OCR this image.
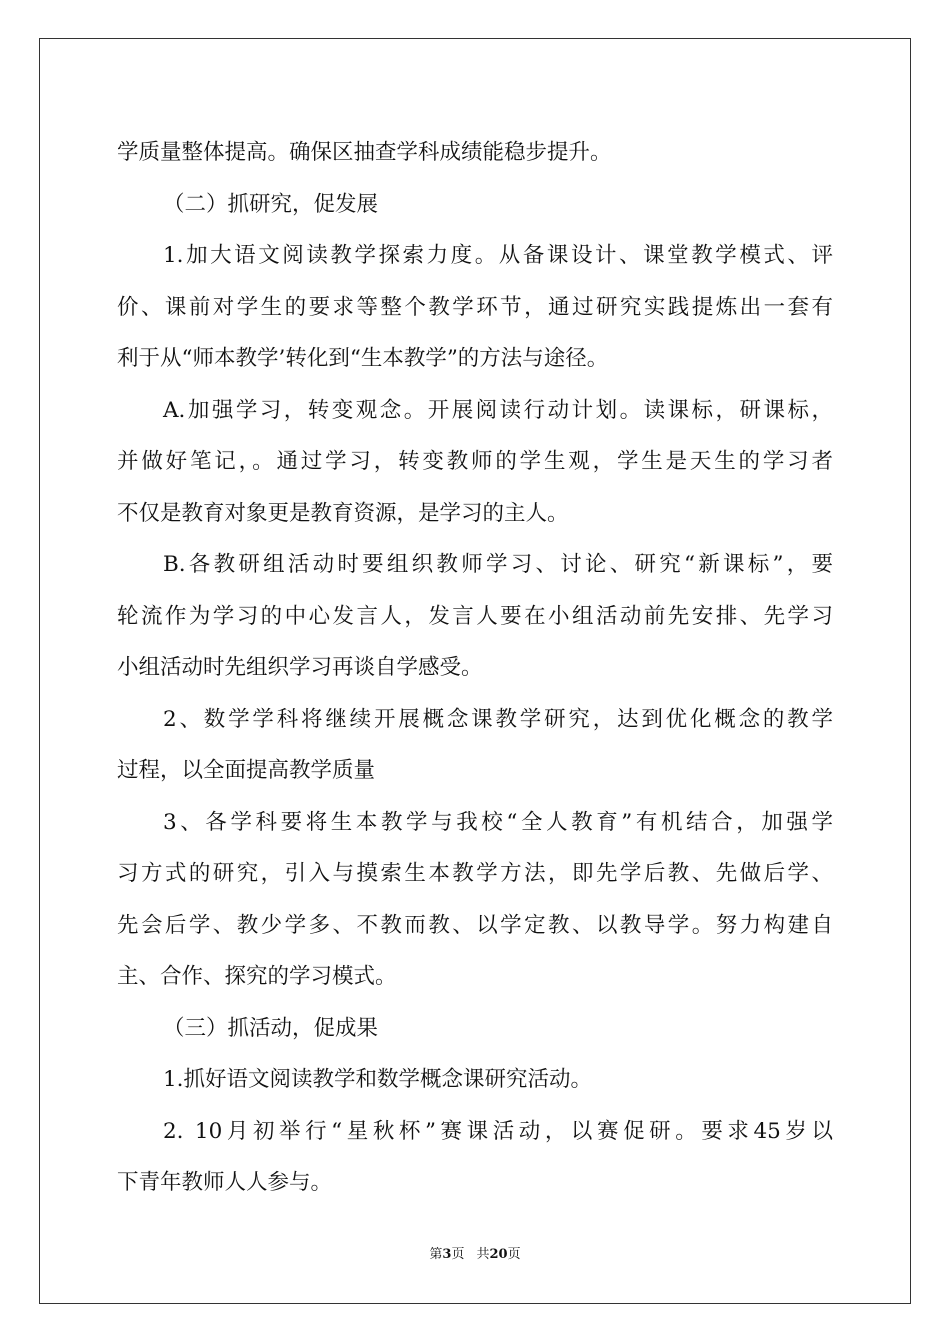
学质量整体提高。确保区抽查学科成绩能稳步提升。
（二）抓研究，促发展
1.加大语文阅读教学探索力度。从备课设计、课堂教学模式、评
价、课前对学生的要求等整个教学环节，通过研究实践提炼出一套有
利于从“师本教学’转化到“生本教学”的方法与途径。
A.加强学习，转变观念。开展阅读行动计划。读课标，研课标，
并做好笔记，。通过学习，转变教师的学生观，学生是天生的学习者
不仅是教育对象更是教育资源，是学习的主人。
B.各教研组活动时要组织教师学习、讨论、研究“新课标”，要
轮流作为学习的中心发言人，发言人要在小组活动前先安排、先学习
小组活动时先组织学习再谈自学感受。
2、数学学科将继续开展概念课教学研究，达到优化概念的教学
过程，以全面提高教学质量
3、各学科要将生本教学与我校“全人教育”有机结合，加强学
习方式的研究，引入与摸索生本教学方法，即先学后教、先做后学、
先会后学、教少学多、不教而教、以学定教、以教导学。努力构建自
主、合作、探究的学习模式。
（三）抓活动，促成果
1.抓好语文阅读教学和数学概念课研究活动。
2. 10月初举行“星秋杯”赛课活动，以赛促研。要求45岁以
下青年教师人人参与。
第3页 共20页
